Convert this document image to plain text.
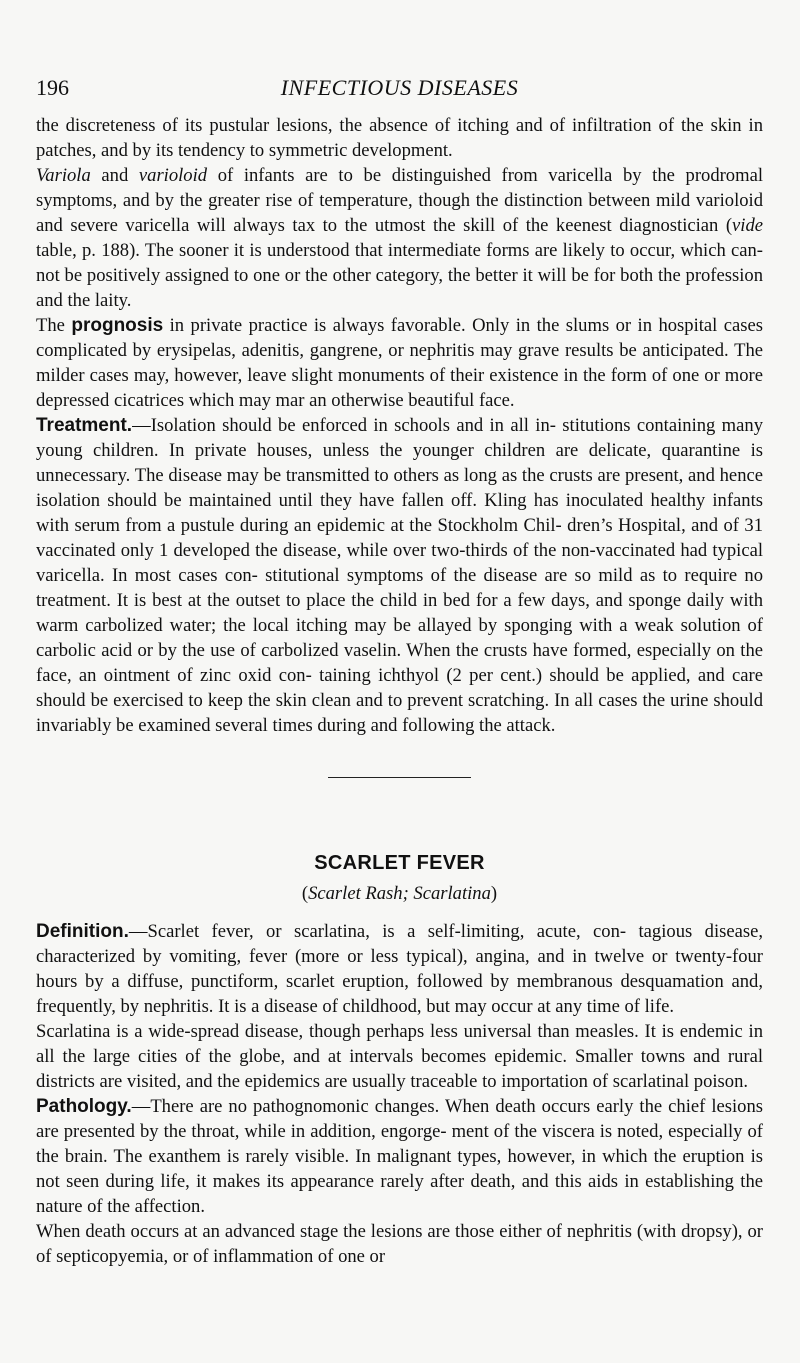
196	INFECTIOUS DISEASES

the discreteness of its pustular lesions, the absence of itching and of infiltration of the skin in patches, and by its tendency to symmetric development.

Variola and varioloid of infants are to be distinguished from varicella by the prodromal symptoms, and by the greater rise of temperature, though the distinction between mild varioloid and severe varicella will always tax to the utmost the skill of the keenest diagnostician (vide table, p. 188). The sooner it is understood that intermediate forms are likely to occur, which can- not be positively assigned to one or the other category, the better it will be for both the profession and the laity.

The prognosis in private practice is always favorable. Only in the slums or in hospital cases complicated by erysipelas, adenitis, gangrene, or nephritis may grave results be anticipated. The milder cases may, however, leave slight monuments of their existence in the form of one or more depressed cicatrices which may mar an otherwise beautiful face.

Treatment.—Isolation should be enforced in schools and in all in- stitutions containing many young children. In private houses, unless the younger children are delicate, quarantine is unnecessary. The disease may be transmitted to others as long as the crusts are present, and hence isolation should be maintained until they have fallen off. Kling has inoculated healthy infants with serum from a pustule during an epidemic at the Stockholm Chil- dren’s Hospital, and of 31 vaccinated only 1 developed the disease, while over two-thirds of the non-vaccinated had typical varicella. In most cases con- stitutional symptoms of the disease are so mild as to require no treatment. It is best at the outset to place the child in bed for a few days, and sponge daily with warm carbolized water; the local itching may be allayed by sponging with a weak solution of carbolic acid or by the use of carbolized vaselin. When the crusts have formed, especially on the face, an ointment of zinc oxid con- taining ichthyol (2 per cent.) should be applied, and care should be exercised to keep the skin clean and to prevent scratching. In all cases the urine should invariably be examined several times during and following the attack.

SCARLET FEVER
(Scarlet Rash; Scarlatina)

Definition.—Scarlet fever, or scarlatina, is a self-limiting, acute, con- tagious disease, characterized by vomiting, fever (more or less typical), angina, and in twelve or twenty-four hours by a diffuse, punctiform, scarlet eruption, followed by membranous desquamation and, frequently, by nephritis. It is a disease of childhood, but may occur at any time of life.

Scarlatina is a wide-spread disease, though perhaps less universal than measles. It is endemic in all the large cities of the globe, and at intervals becomes epidemic. Smaller towns and rural districts are visited, and the epidemics are usually traceable to importation of scarlatinal poison.

Pathology.—There are no pathognomonic changes. When death occurs early the chief lesions are presented by the throat, while in addition, engorge- ment of the viscera is noted, especially of the brain. The exanthem is rarely visible. In malignant types, however, in which the eruption is not seen during life, it makes its appearance rarely after death, and this aids in establishing the nature of the affection.

When death occurs at an advanced stage the lesions are those either of nephritis (with dropsy), or of septicopyemia, or of inflammation of one or
